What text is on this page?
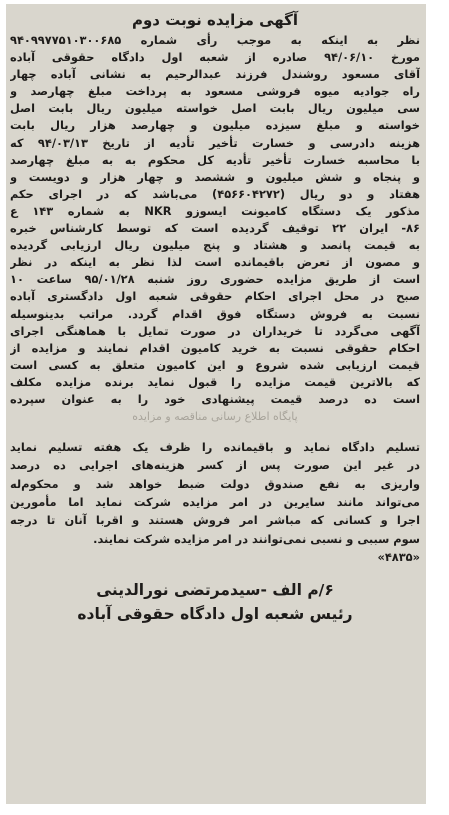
آگهی مزایده نوبت دوم
نظر به اینکه به موجب رأی شماره ۹۴۰۹۹۷۷۵۱۰۳۰۰۶۸۵
مورخ ۹۴/۰۶/۱۰ صادره از شعبه اول دادگاه حقوقی آباده
آقای مسعود روشندل فرزند عبدالرحیم به نشانی آباده چهار
راه جوادیه میوه فروشی مسعود به پرداخت مبلغ چهارصد و
سی میلیون ریال بابت اصل خواسته میلیون ریال بابت اصل
خواسته و مبلغ سیزده میلیون و چهارصد هزار ریال بابت
هزینه دادرسی و خسارت تأخیر تأدیه از تاریخ ۹۴/۰۳/۱۳ که
با محاسبه خسارت تأخیر تأدیه کل محکوم به به مبلغ چهارصد
و پنجاه و شش میلیون و ششصد و چهار هزار و دویست و
هفتاد و دو ریال (۴۵۶۶۰۴۲۷۲) می‌باشد که در اجرای حکم
مذکور یک دستگاه کامیونت ایسوزو NKR به شماره ۱۴۳ ع
۸۶- ایران ۲۲ توقیف گردیده است که توسط کارشناس خبره
به قیمت پانصد و هشتاد و پنج میلیون ریال ارزیابی گردیده
و مصون از تعرض باقیمانده است لذا نظر به اینکه در نظر
است از طریق مزایده حضوری روز شنبه ۹۵/۰۱/۲۸ ساعت ۱۰
صبح در محل اجرای احکام حقوقی شعبه اول دادگستری آباده
نسبت به فروش دستگاه فوق اقدام گردد. مراتب بدینوسیله
آگهی می‌گردد تا خریداران در صورت تمایل با هماهنگی اجرای
احکام حقوقی نسبت به خرید کامیون اقدام نمایند و مزایده از
قیمت ارزیابی شده شروع و این کامیون متعلق به کسی است
که بالاترین قیمت مزایده را قبول نماید برنده مزایده مکلف
است ده درصد قیمت پیشنهادی خود را به عنوان سپرده
پایگاه اطلاع رسانی مناقصه و مزایده
تسلیم دادگاه نماید و باقیمانده را ظرف یک هفته تسلیم نماید
در غیر این صورت پس از کسر هزینه‌های اجرایی ده درصد
واریزی به نفع صندوق دولت ضبط خواهد شد و محکوم‌له
می‌تواند مانند سایرین در امر مزایده شرکت نماید اما مأمورین
اجرا و کسانی که مباشر امر فروش هستند و اقربا آنان تا درجه
سوم سببی و نسبی نمی‌توانند در امر مزایده شرکت نمایند.
«۴۸۳۵»
۶/م الف -سیدمرتضی نورالدینی
رئیس شعبه اول دادگاه حقوقی آباده
